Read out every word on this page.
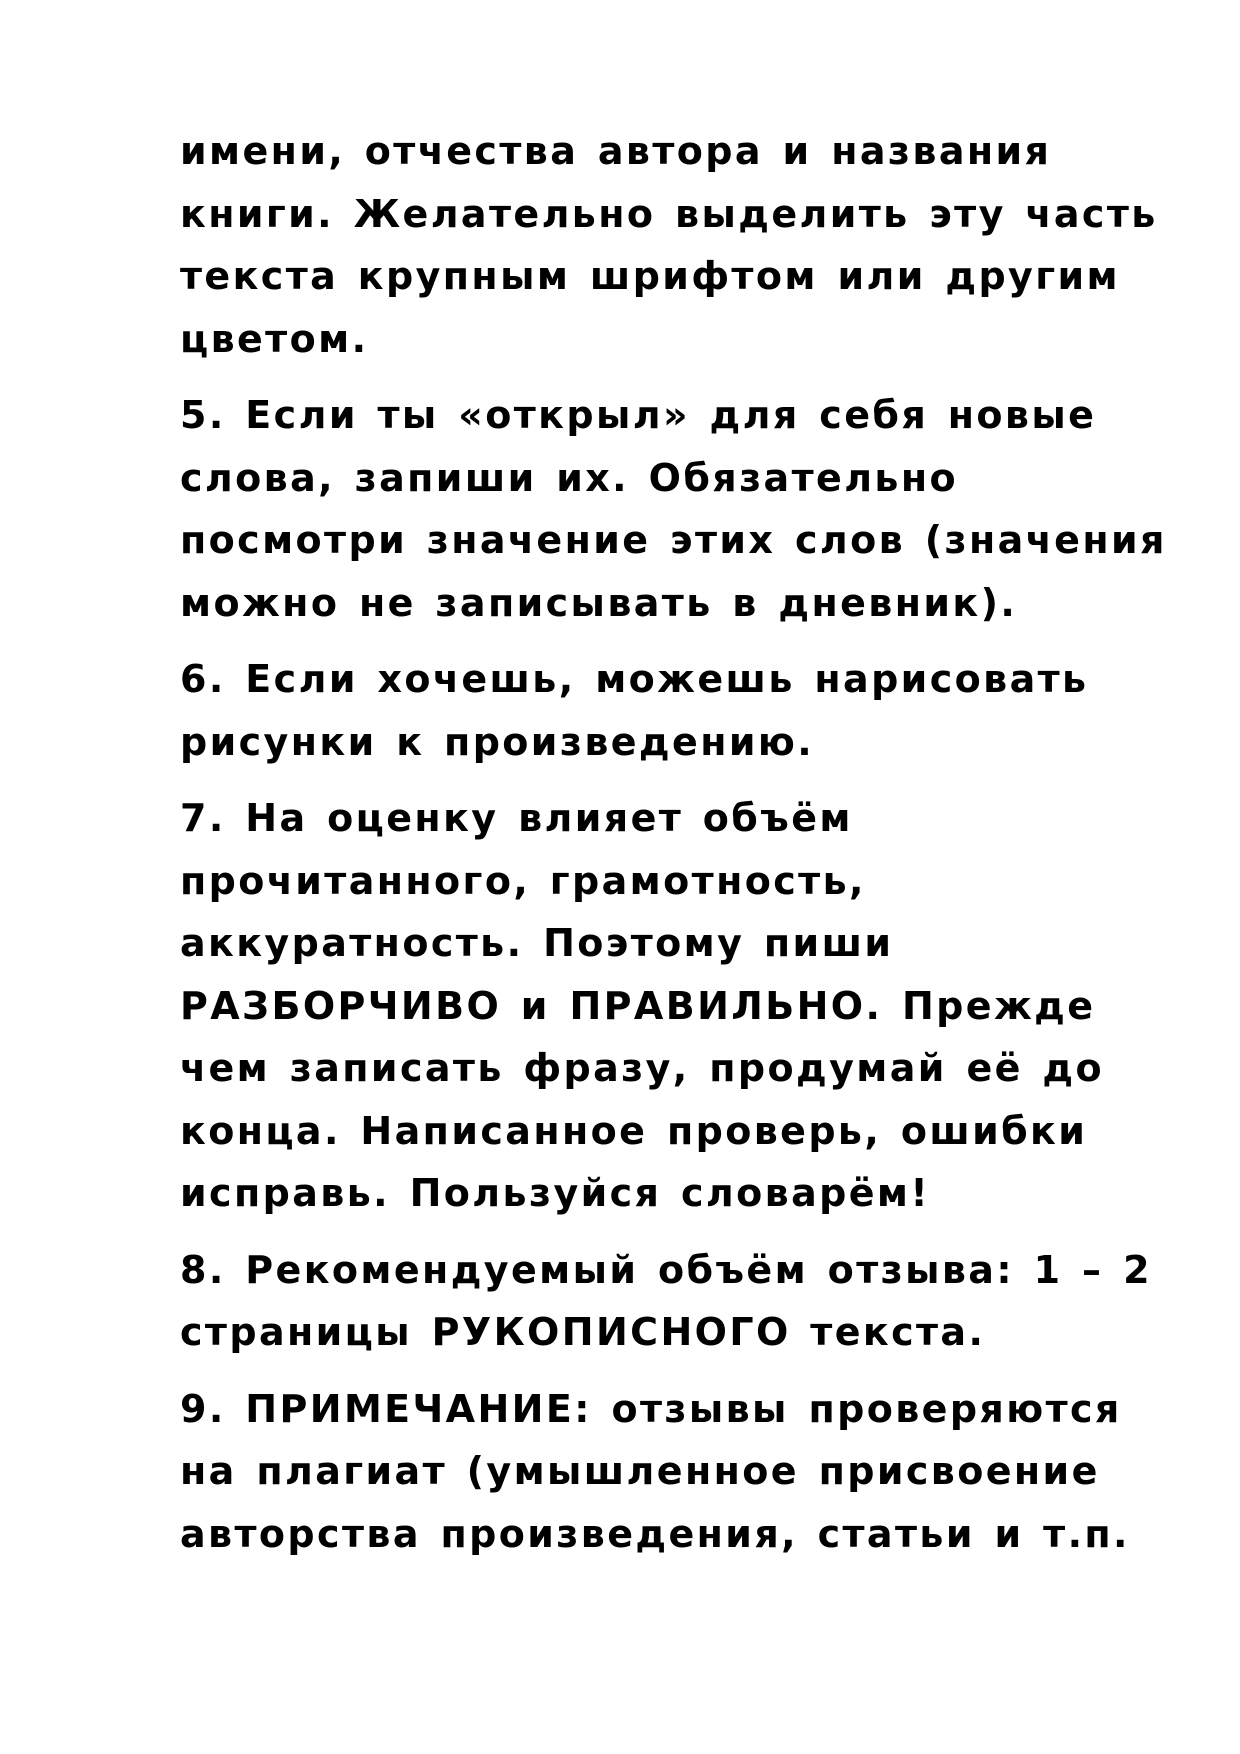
имени, отчества автора и названия
книги. Желательно выделить эту часть
текста крупным шрифтом или другим
цветом.
5. Если ты «открыл» для себя новые
слова, запиши их. Обязательно
посмотри значение этих слов (значения
можно не записывать в дневник).
6. Если хочешь, можешь нарисовать
рисунки к произведению.
7. На оценку влияет объём
прочитанного, грамотность,
аккуратность. Поэтому пиши
РАЗБОРЧИВО и ПРАВИЛЬНО. Прежде
чем записать фразу, продумай её до
конца. Написанное проверь, ошибки
исправь. Пользуйся словарём!
8. Рекомендуемый объём отзыва: 1 – 2
страницы РУКОПИСНОГО текста.
9. ПРИМЕЧАНИЕ: отзывы проверяются
на плагиат (умышленное присвоение
авторства произведения, статьи и т.п.
